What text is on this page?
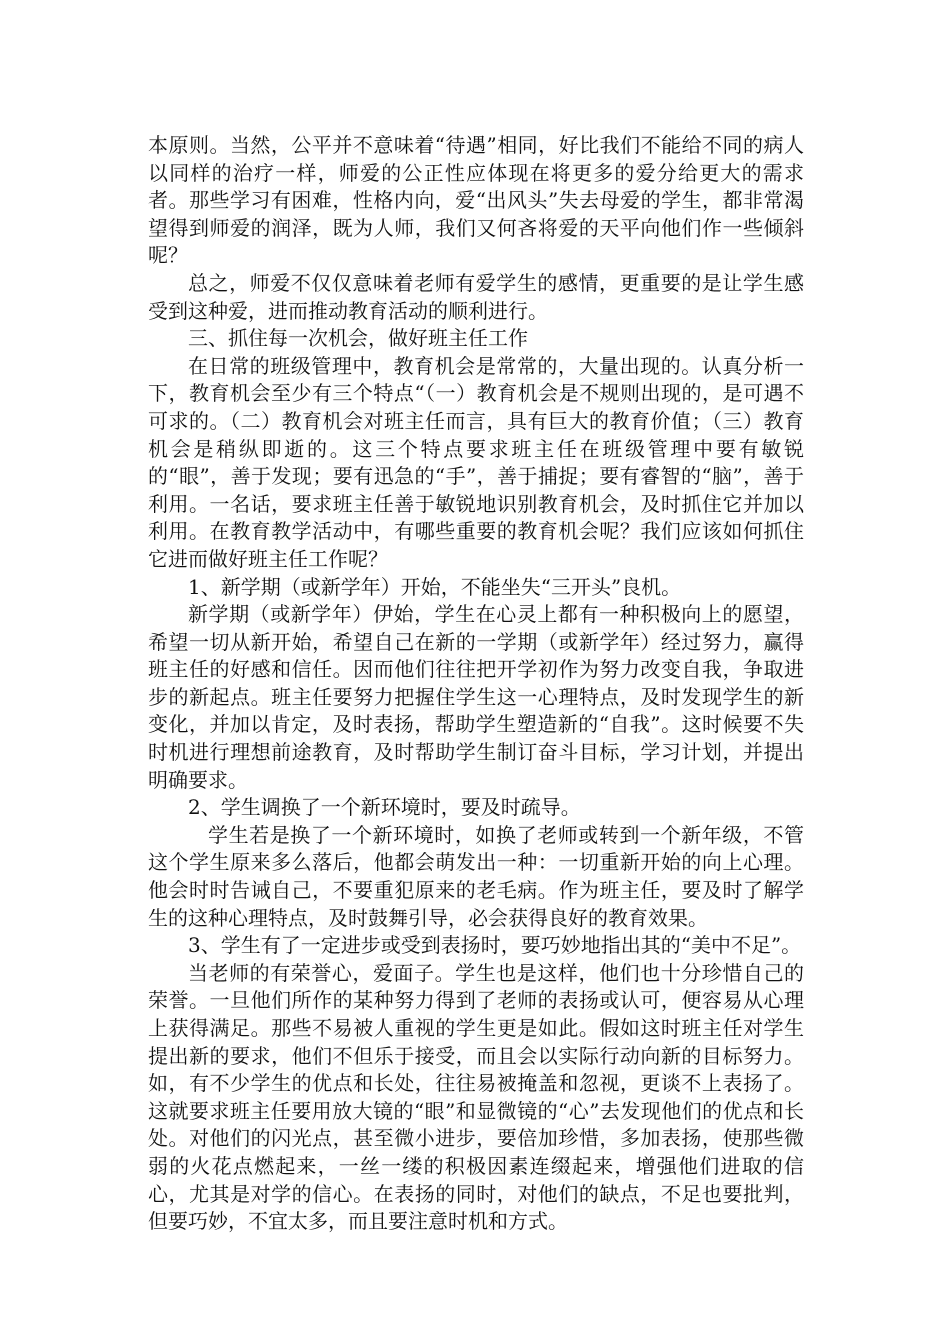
本原则。当然，公平并不意味着“待遇”相同，好比我们不能给不同的病人以同样的治疗一样，师爱的公正性应体现在将更多的爱分给更大的需求者。那些学习有困难，性格内向，爱“出风头”失去母爱的学生，都非常渴望得到师爱的润泽，既为人师，我们又何吝将爱的天平向他们作一些倾斜呢？

总之，师爱不仅仅意味着老师有爱学生的感情，更重要的是让学生感受到这种爱，进而推动教育活动的顺利进行。

三、抓住每一次机会，做好班主任工作

在日常的班级管理中，教育机会是常常的，大量出现的。认真分析一下，教育机会至少有三个特点“（一）教育机会是不规则出现的，是可遇不可求的。（二）教育机会对班主任而言，具有巨大的教育价值；（三）教育机会是稍纵即逝的。这三个特点要求班主任在班级管理中要有敏锐的“眼”，善于发现；要有迅急的“手”，善于捕捉；要有睿智的“脑”，善于利用。一名话，要求班主任善于敏锐地识别教育机会，及时抓住它并加以利用。在教育教学活动中，有哪些重要的教育机会呢？我们应该如何抓住它进而做好班主任工作呢？

1、新学期（或新学年）开始，不能坐失“三开头”良机。

新学期（或新学年）伊始，学生在心灵上都有一种积极向上的愿望，希望一切从新开始，希望自己在新的一学期（或新学年）经过努力，赢得班主任的好感和信任。因而他们往往把开学初作为努力改变自我，争取进步的新起点。班主任要努力把握住学生这一心理特点，及时发现学生的新变化，并加以肯定，及时表扬，帮助学生塑造新的“自我”。这时候要不失时机进行理想前途教育，及时帮助学生制订奋斗目标，学习计划，并提出明确要求。

2、学生调换了一个新环境时，要及时疏导。

学生若是换了一个新环境时，如换了老师或转到一个新年级，不管这个学生原来多么落后，他都会萌发出一种：一切重新开始的向上心理。他会时时告诫自己，不要重犯原来的老毛病。作为班主任，要及时了解学生的这种心理特点，及时鼓舞引导，必会获得良好的教育效果。

3、学生有了一定进步或受到表扬时，要巧妙地指出其的“美中不足”。

当老师的有荣誉心，爱面子。学生也是这样，他们也十分珍惜自己的荣誉。一旦他们所作的某种努力得到了老师的表扬或认可，便容易从心理上获得满足。那些不易被人重视的学生更是如此。假如这时班主任对学生提出新的要求，他们不但乐于接受，而且会以实际行动向新的目标努力。如，有不少学生的优点和长处，往往易被掩盖和忽视，更谈不上表扬了。这就要求班主任要用放大镜的“眼”和显微镜的“心”去发现他们的优点和长处。对他们的闪光点，甚至微小进步，要倍加珍惜，多加表扬，使那些微弱的火花点燃起来，一丝一缕的积极因素连缀起来，增强他们进取的信心，尤其是对学的信心。在表扬的同时，对他们的缺点，不足也要批判，但要巧妙，不宜太多，而且要注意时机和方式。
